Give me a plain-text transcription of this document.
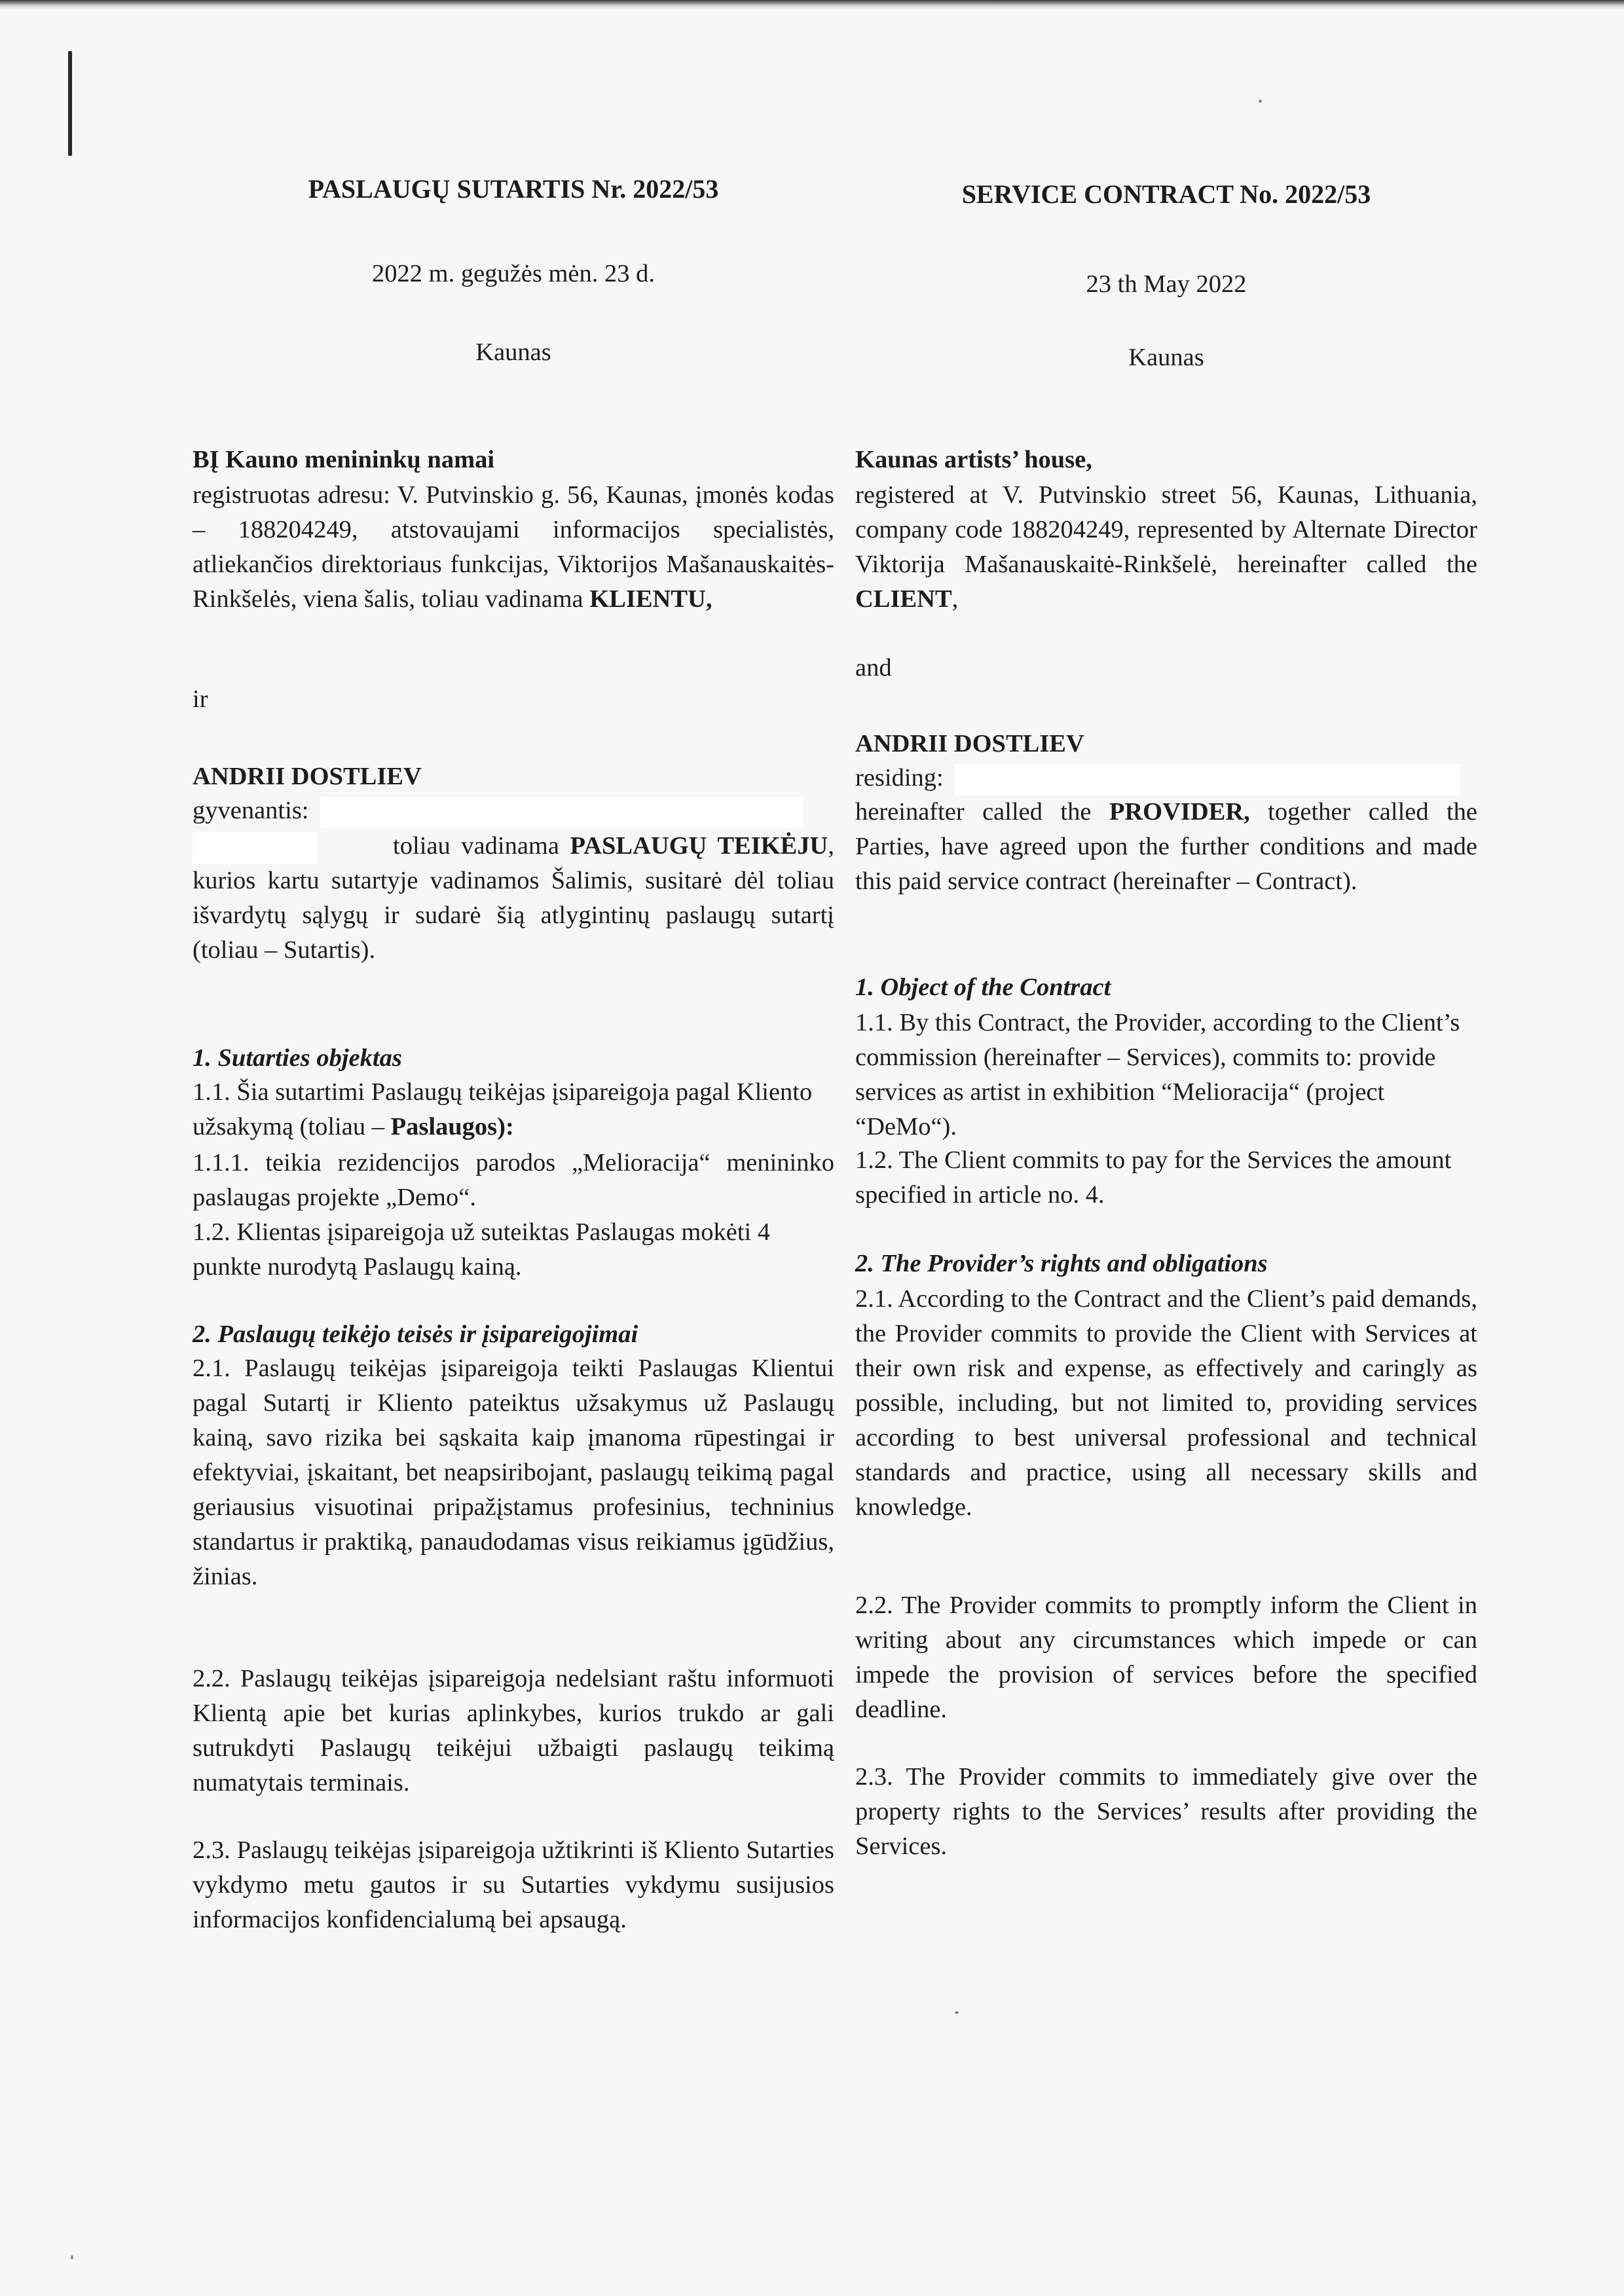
PASLAUGŲ SUTARTIS Nr. 2022/53
2022 m. gegužės mėn. 23 d.
Kaunas
BĮ Kauno menininkų namai
registruotas adresu: V. Putvinskio g. 56, Kaunas, įmonės kodas – 188204249, atstovaujami informacijos specialistės, atliekančios direktoriaus funkcijas, Viktorijos Mašanauskaitės-Rinkšelės, viena šalis, toliau vadinama KLIENTU,
ir
ANDRII DOSTLIEV
gyvenantis:
toliau vadinama PASLAUGŲ TEIKĖJU, kurios kartu sutartyje vadinamos Šalimis, susitarė dėl toliau išvardytų sąlygų ir sudarė šią atlygintinų paslaugų sutartį (toliau – Sutartis).
1. Sutarties objektas
1.1. Šia sutartimi Paslaugų teikėjas įsipareigoja pagal Kliento užsakymą (toliau – Paslaugos):
1.1.1. teikia rezidencijos parodos „Melioracija“ menininko paslaugas projekte „Demo“.
1.2. Klientas įsipareigoja už suteiktas Paslaugas mokėti 4 punkte nurodytą Paslaugų kainą.
2. Paslaugų teikėjo teisės ir įsipareigojimai
2.1. Paslaugų teikėjas įsipareigoja teikti Paslaugas Klientui pagal Sutartį ir Kliento pateiktus užsakymus už Paslaugų kainą, savo rizika bei sąskaita kaip įmanoma rūpestingai ir efektyviai, įskaitant, bet neapsiribojant, paslaugų teikimą pagal geriausius visuotinai pripažįstamus profesinius, techninius standartus ir praktiką, panaudodamas visus reikiamus įgūdžius, žinias.
2.2. Paslaugų teikėjas įsipareigoja nedelsiant raštu informuoti Klientą apie bet kurias aplinkybes, kurios trukdo ar gali sutrukdyti Paslaugų teikėjui užbaigti paslaugų teikimą numatytais terminais.
2.3. Paslaugų teikėjas įsipareigoja užtikrinti iš Kliento Sutarties vykdymo metu gautos ir su Sutarties vykdymu susijusios informacijos konfidencialumą bei apsaugą.
SERVICE CONTRACT No. 2022/53
23 th May 2022
Kaunas
Kaunas artists’ house,
registered at V. Putvinskio street 56, Kaunas, Lithuania, company code 188204249, represented by Alternate Director Viktorija Mašanauskaitė-Rinkšelė, hereinafter called the CLIENT,
and
ANDRII DOSTLIEV
residing:
hereinafter called the PROVIDER, together called the Parties, have agreed upon the further conditions and made this paid service contract (hereinafter – Contract).
1. Object of the Contract
1.1. By this Contract, the Provider, according to the Client’s commission (hereinafter – Services), commits to: provide services as artist in exhibition “Melioracija“ (project “DeMo“).
1.2. The Client commits to pay for the Services the amount specified in article no. 4.
2. The Provider’s rights and obligations
2.1. According to the Contract and the Client’s paid demands, the Provider commits to provide the Client with Services at their own risk and expense, as effectively and caringly as possible, including, but not limited to, providing services according to best universal professional and technical standards and practice, using all necessary skills and knowledge.
2.2. The Provider commits to promptly inform the Client in writing about any circumstances which impede or can impede the provision of services before the specified deadline.
2.3. The Provider commits to immediately give over the property rights to the Services’ results after providing the Services.
